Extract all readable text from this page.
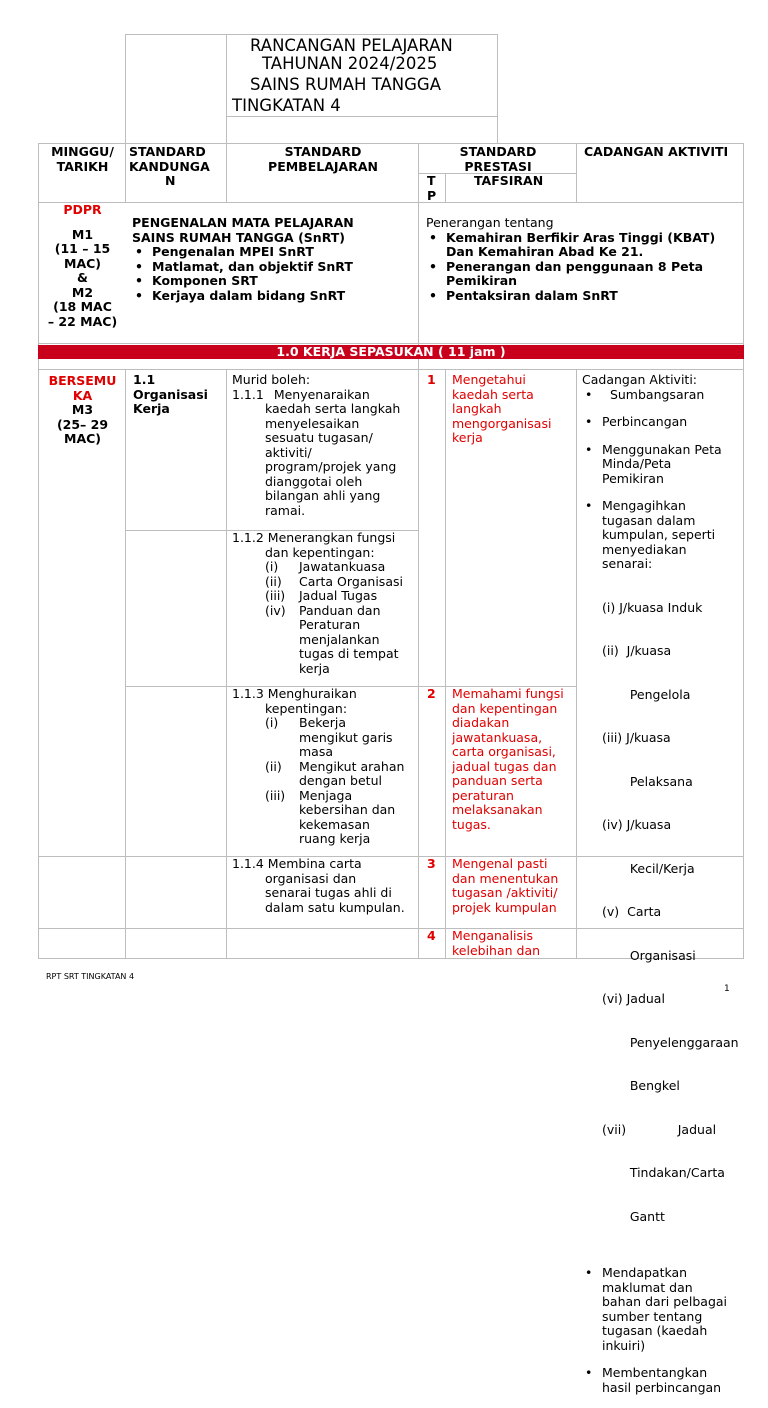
RANCANGAN PELAJARAN
TAHUNAN 2024/2025
SAINS RUMAH TANGGA
TINGKATAN 4
MINGGU/
TARIKH
STANDARD
KANDUNGA
N
STANDARD
PEMBELAJARAN
STANDARD
PRESTASI
T
P
TAFSIRAN
CADANGAN AKTIVITI
PDPR
M1
(11 – 15
MAC)
&
M2
(18 MAC
– 22 MAC)
PENGENALAN MATA PELAJARAN
SAINS RUMAH TANGGA (SnRT)
• Pengenalan MPEI SnRT
• Matlamat, dan objektif SnRT
• Komponen SRT
• Kerjaya dalam bidang SnRT
Penerangan tentang
• Kemahiran Berfikir Aras Tinggi (KBAT)
Dan Kemahiran Abad Ke 21.
• Penerangan dan penggunaan 8 Peta
Pemikiran
• Pentaksiran dalam SnRT
1.0 KERJA SEPASUKAN ( 11 jam )
BERSEMU
KA
M3
(25– 29
MAC)
1.1
Organisasi
Kerja
Murid boleh:
1.1.1 Menyenaraikan
kaedah serta langkah
menyelesaikan
sesuatu tugasan/
aktiviti/
program/projek yang
dianggotai oleh
bilangan ahli yang
ramai.
1.1.2 Menerangkan fungsi
dan kepentingan:
(i) Jawatankuasa
(ii) Carta Organisasi
(iii) Jadual Tugas
(iv) Panduan dan
Peraturan
menjalankan
tugas di tempat
kerja
1.1.3 Menghuraikan
kepentingan:
(i) Bekerja
mengikut garis
masa
(ii) Mengikut arahan
dengan betul
(iii) Menjaga
kebersihan dan
kekemasan
ruang kerja
1.1.4 Membina carta
organisasi dan
senarai tugas ahli di
dalam satu kumpulan.
1 Mengetahui
kaedah serta
langkah
mengorganisasi
kerja
2 Memahami fungsi
dan kepentingan
diadakan
jawatankuasa,
carta organisasi,
jadual tugas dan
panduan serta
peraturan
melaksanakan
tugas.
3 Mengenal pasti
dan menentukan
tugasan /aktiviti/
projek kumpulan
4 Menganalisis
kelebihan dan
Cadangan Aktiviti:
•   Sumbangsaran
• Perbincangan
• Menggunakan Peta
Minda/Peta
Pemikiran
• Mengagihkan
tugasan dalam
kumpulan, seperti
menyediakan
senarai:

(i) J/kuasa Induk

(ii)  J/kuasa

Pengelola

(iii) J/kuasa

Pelaksana

(iv) J/kuasa

Kecil/Kerja

(v)  Carta

Organisasi

(vi) Jadual

Penyelenggaraan

Bengkel

(vii)             Jadual

Tindakan/Carta

Gantt

• Mendapatkan
maklumat dan
bahan dari pelbagai
sumber tentang
tugasan (kaedah
inkuiri)
• Membentangkan
hasil perbincangan
RPT SRT TINGKATAN 4
1
